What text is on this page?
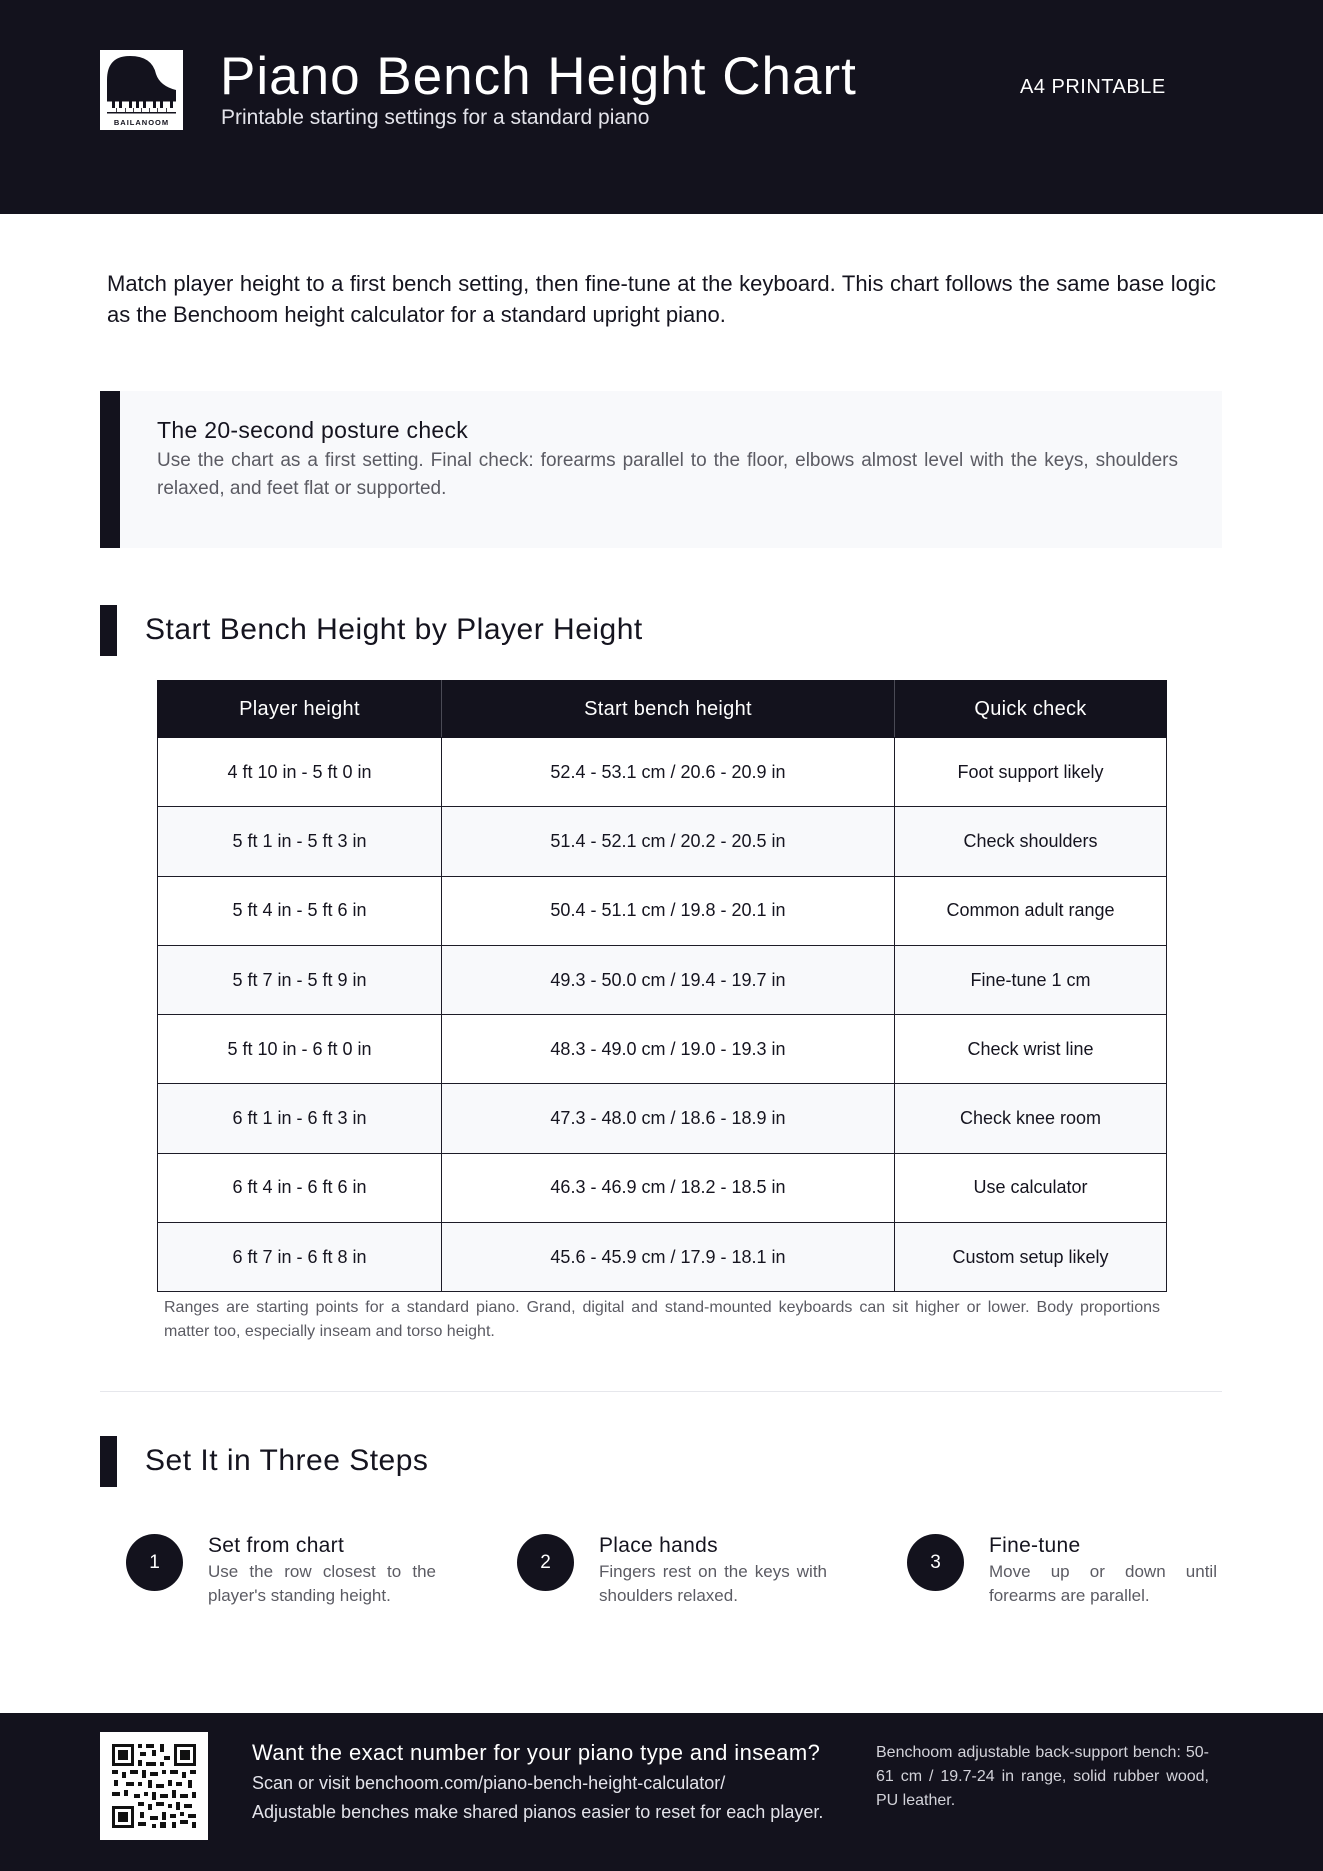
BAILANOOM
Piano Bench Height Chart
Printable starting settings for a standard piano
A4 PRINTABLE

Match player height to a first bench setting, then fine-tune at the keyboard. This chart follows the same base logic as the Benchoom height calculator for a standard upright piano.

The 20-second posture check
Use the chart as a first setting. Final check: forearms parallel to the floor, elbows almost level with the keys, shoulders relaxed, and feet flat or supported.
Start Bench Height by Player Height
Player height	Start bench height	Quick check
4 ft 10 in - 5 ft 0 in	52.4 - 53.1 cm / 20.6 - 20.9 in	Foot support likely
5 ft 1 in - 5 ft 3 in	51.4 - 52.1 cm / 20.2 - 20.5 in	Check shoulders
5 ft 4 in - 5 ft 6 in	50.4 - 51.1 cm / 19.8 - 20.1 in	Common adult range
5 ft 7 in - 5 ft 9 in	49.3 - 50.0 cm / 19.4 - 19.7 in	Fine-tune 1 cm
5 ft 10 in - 6 ft 0 in	48.3 - 49.0 cm / 19.0 - 19.3 in	Check wrist line
6 ft 1 in - 6 ft 3 in	47.3 - 48.0 cm / 18.6 - 18.9 in	Check knee room
6 ft 4 in - 6 ft 6 in	46.3 - 46.9 cm / 18.2 - 18.5 in	Use calculator
6 ft 7 in - 6 ft 8 in	45.6 - 45.9 cm / 17.9 - 18.1 in	Custom setup likely

Ranges are starting points for a standard piano. Grand, digital and stand-mounted keyboards can sit higher or lower. Body proportions matter too, especially inseam and torso height.

Set It in Three Steps
1
Set from chart
Use the row closest to the player's standing height.
2
Place hands
Fingers rest on the keys with shoulders relaxed.
3
Fine-tune
Move up or down until forearms are parallel.
Want the exact number for your piano type and inseam?
Scan or visit benchoom.com/piano-bench-height-calculator/
Adjustable benches make shared pianos easier to reset for each player.
Benchoom adjustable back-support bench: 50-61 cm / 19.7-24 in range, solid rubber wood, PU leather.
